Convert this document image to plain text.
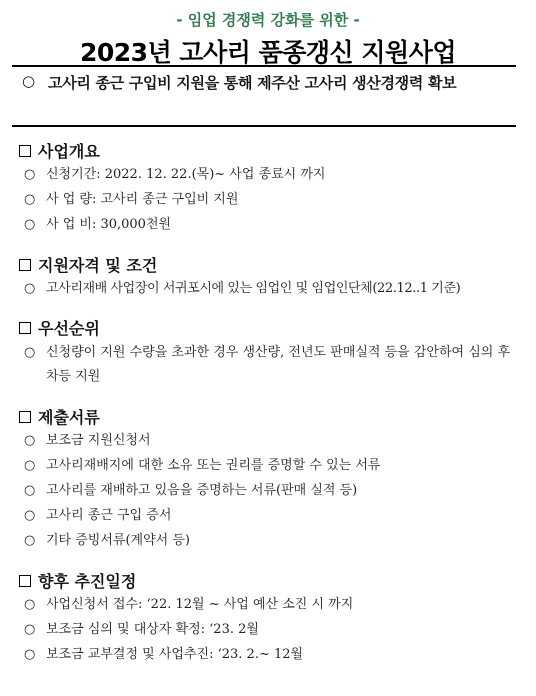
- 임업 경쟁력 강화를 위한 -
2023년 고사리 품종갱신 지원사업
○ 고사리 종근 구입비 지원을 통해 제주산 고사리 생산경쟁력 확보
사업개요
○ 신청기간: 2022. 12. 22.(목)~ 사업 종료시 까지
○ 사 업 량: 고사리 종근 구입비 지원
○ 사 업 비: 30,000천원
지원자격 및 조건
○ 고사리재배 사업장이 서귀포시에 있는 임업인 및 임업인단체(22.12..1 기준)
우선순위
○ 신청량이 지원 수량을 초과한 경우 생산량, 전년도 판매실적 등을 감안하여 심의 후 차등 지원
제출서류
○ 보조금 지원신청서
○ 고사리재배지에 대한 소유 또는 권리를 증명할 수 있는 서류
○ 고사리를 재배하고 있음을 증명하는 서류(판매 실적 등)
○ 고사리 종근 구입 증서
○ 기타 증빙서류(계약서 등)
향후 추진일정
○ 사업신청서 접수: ‘22. 12월 ~ 사업 예산 소진 시 까지
○ 보조금 심의 및 대상자 확정: ‘23. 2월
○ 보조금 교부결정 및 사업추진: ‘23. 2.~ 12월
